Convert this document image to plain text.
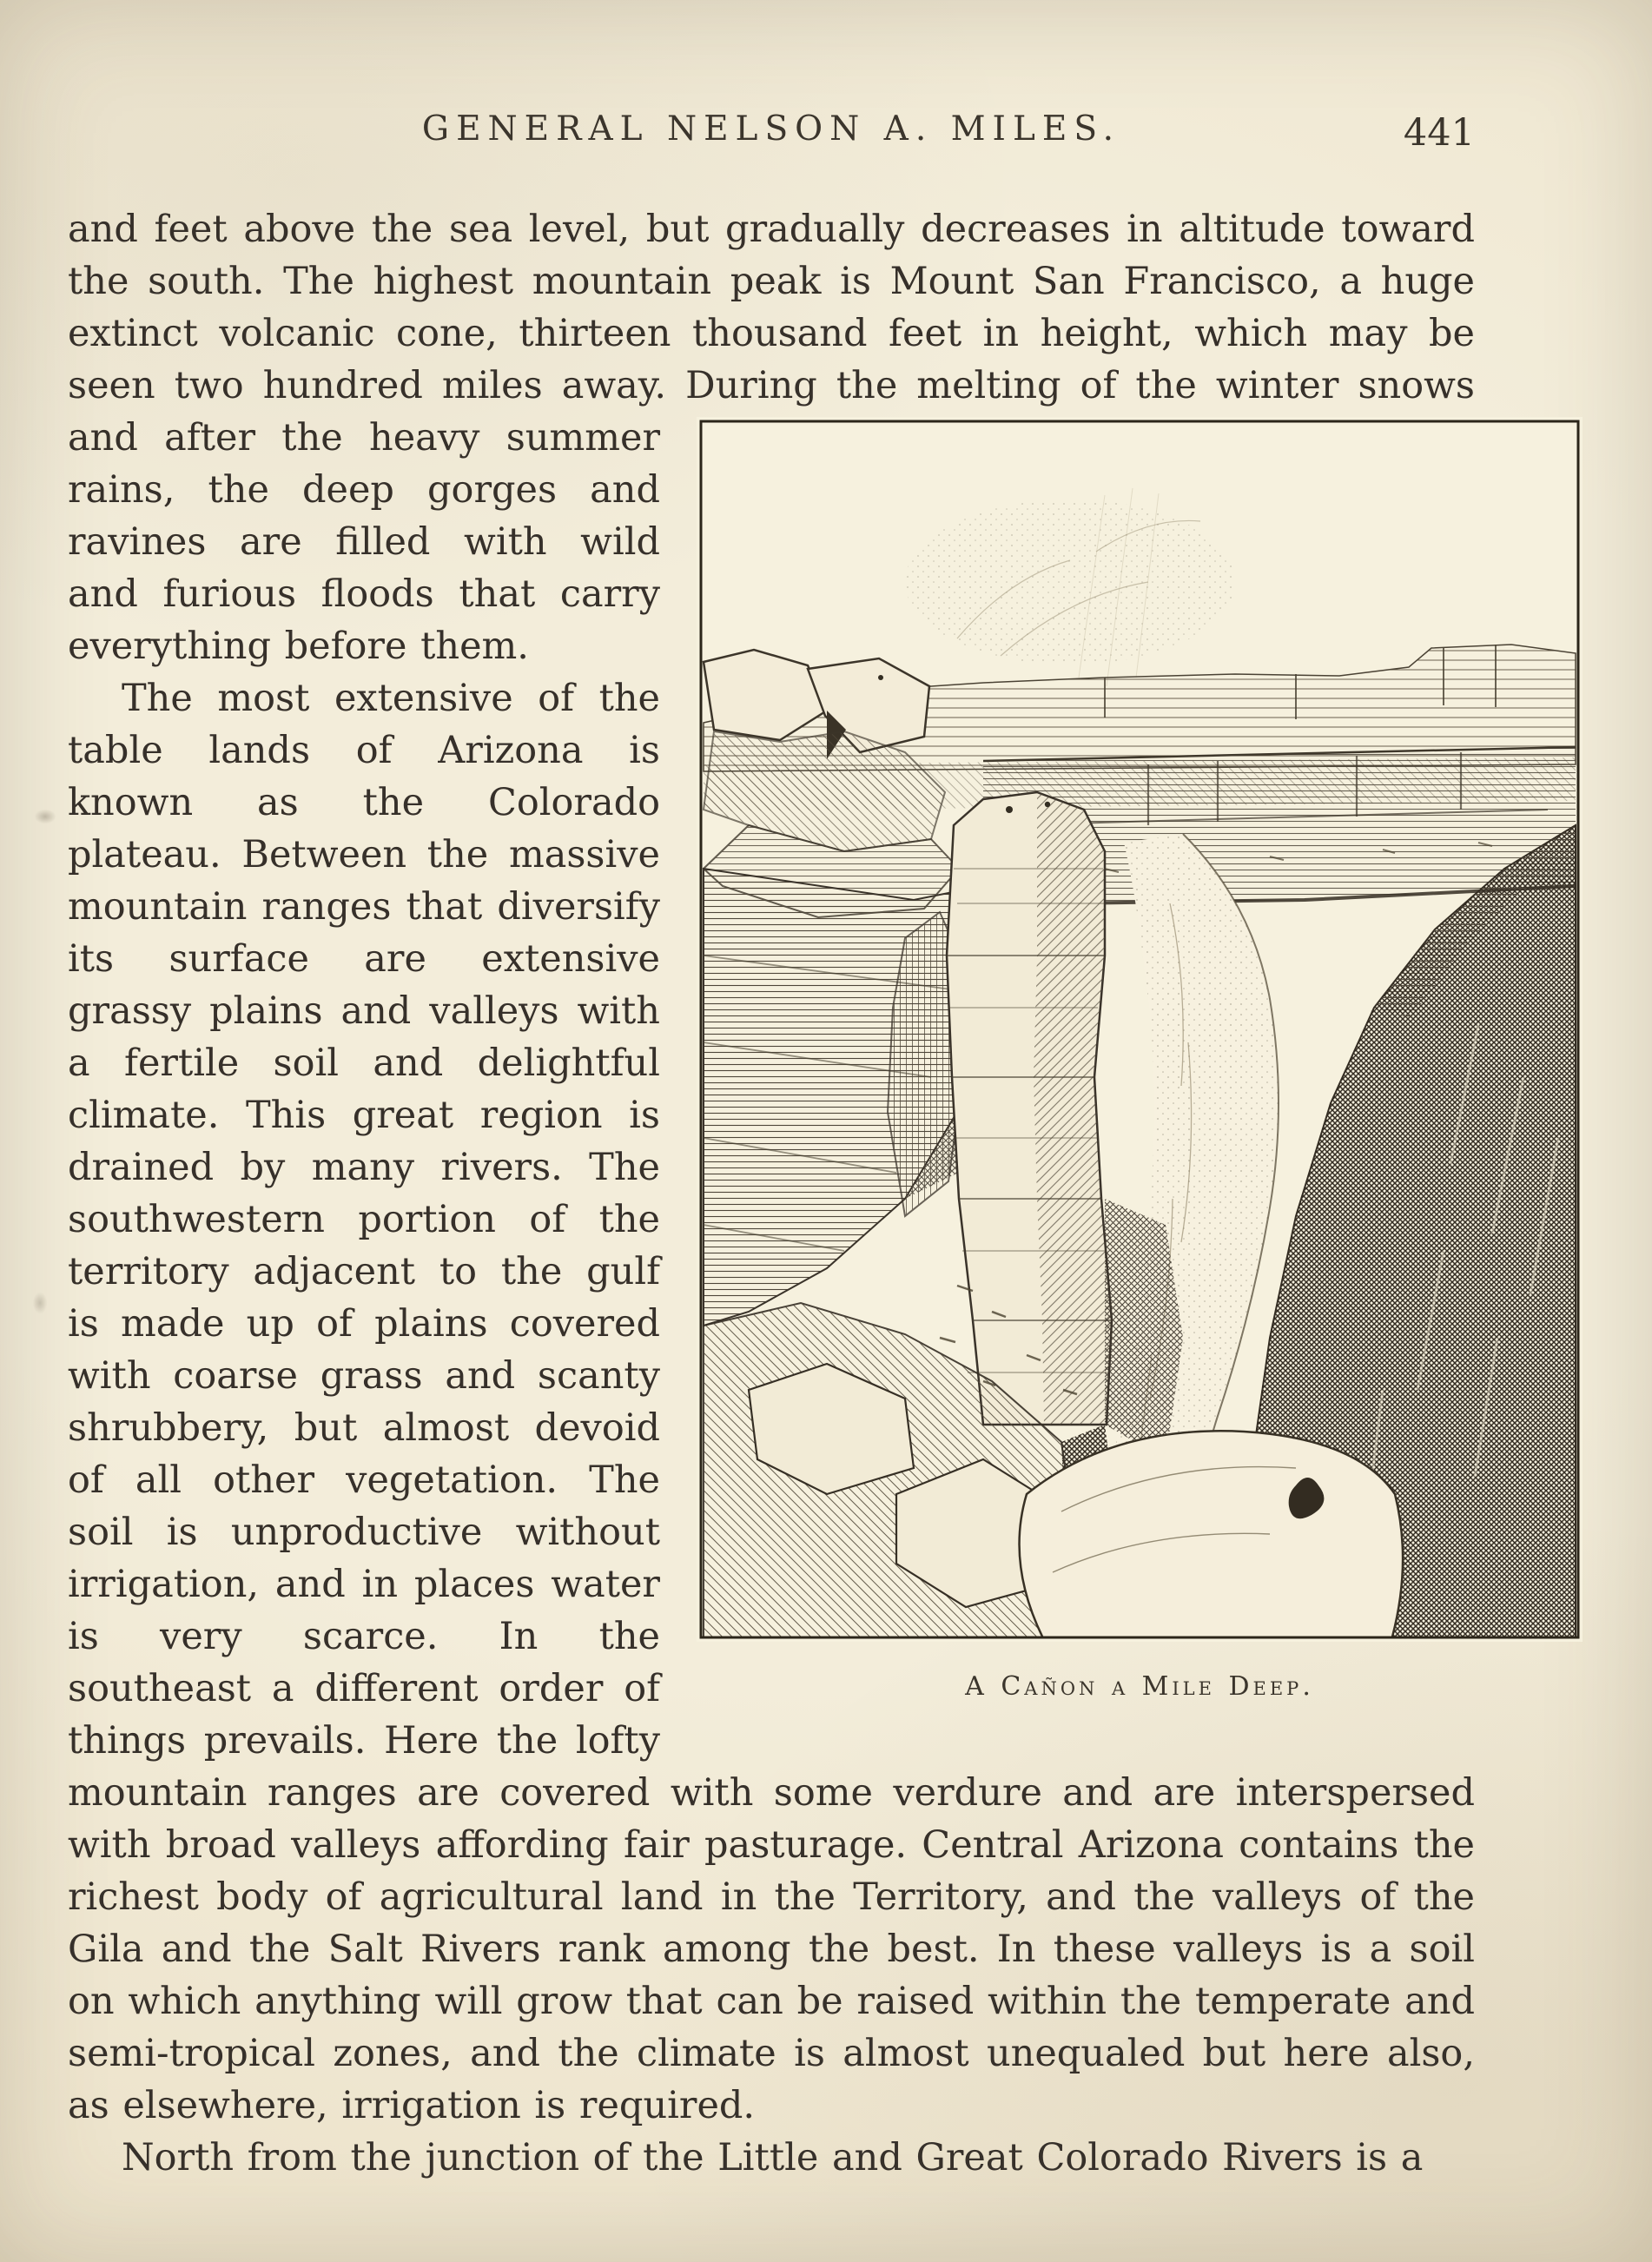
GENERAL NELSON A. MILES.	441

and feet above the sea level, but gradually decreases in altitude toward the south. The highest mountain peak is Mount San Francisco, a huge extinct volcanic cone, thirteen thousand feet in height, which may be seen two hundred miles away. During the melting of the winter snows and
A Cañon a Mile Deep.
after the heavy summer rains, the deep gorges and ravines are filled with wild and furious floods that carry everything before them.

The most extensive of the table lands of Arizona is known as the Colorado plateau. Between the massive mountain ranges that diversify its surface are extensive grassy plains and valleys with a fertile soil and delightful climate. This great region is drained by many rivers. The southwestern portion of the territory adjacent to the gulf is made up of plains covered with coarse grass and scanty shrubbery, but almost devoid of all other vegetation. The soil is unproductive without irrigation, and in places water is very scarce. In the southeast a different order of things prevails. Here the lofty mountain ranges are covered with some verdure and are interspersed with broad valleys affording fair pasturage. Central Arizona contains the richest body of agricultural land in the Territory, and the valleys of the Gila and the Salt Rivers rank among the best. In these valleys is a soil on which anything will grow that can be raised within the temperate and semi-tropical zones, and the climate is almost unequaled but here also, as elsewhere, irrigation is required.

North from the junction of the Little and Great Colorado Rivers is a
